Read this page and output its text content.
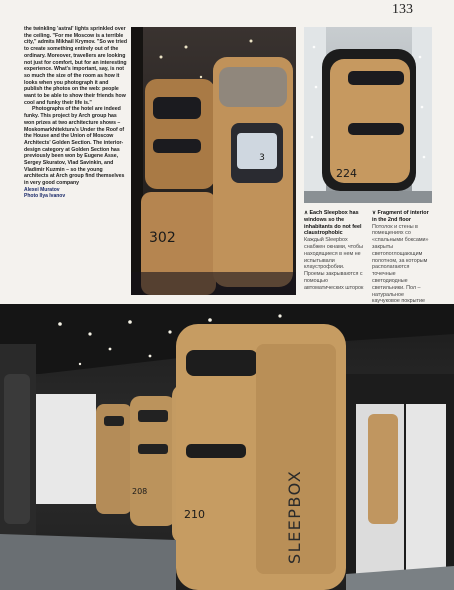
133

the twinkling 'astral' lights sprinkled over the ceiling. "For me Moscow is a terrible city," admits Mikhail Krymov. "So we tried to create something entirely out of the ordinary. Moreover, travellers are looking not just for comfort, but for an interesting experience. What's important, say, is not so much the size of the room as how it looks when you photograph it and publish the photos on the web: people want to be able to show their friends how cool and funky their life is."

Photographs of the hotel are indeed funky. This project by Arch group has won prizes at two architecture shows – Moskomarkhitektura's Under the Roof of the House and the Union of Moscow Architects' Golden Section. The interior-design category at Golden Section has previously been won by Eugene Asse, Sergey Skuratov, Vlad Savinkin, and Vladimir Kuzmin – so the young architects at Arch group find themselves in very good company

Alexei Muratov
Photo Ilya Ivanov
302
3
224

∧ Each Sleepbox has windows so the inhabitants do not feel claustrophobic

Каждый Sleepbox снабжен окнами, чтобы находящиеся в нем не испытывали клаустрофобии. Проемы закрываются с помощью автоматических шторок

∨ Fragment of interior in the 2nd floor

Потолок и стены в помещениях со «спальными боксами» закрыты светопоглощающим полотном, за которым располагаются точечные светодиодные светильники. Пол – натуральное каучуковое покрытие

208
210	SLEEPBOX
